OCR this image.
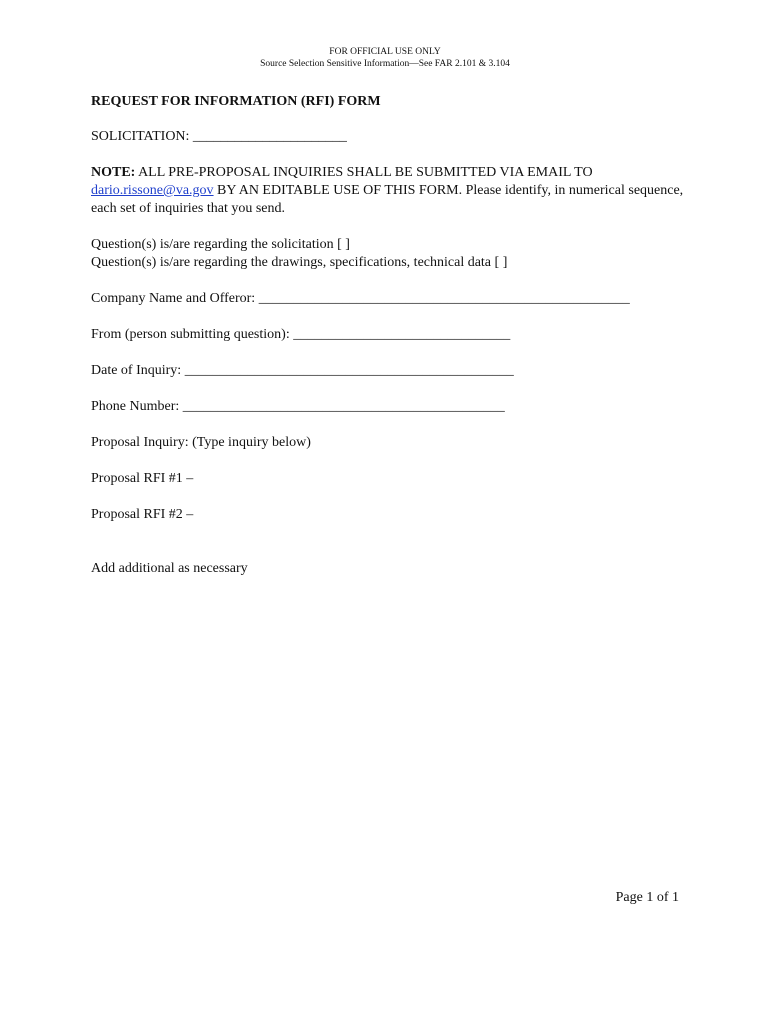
FOR OFFICIAL USE ONLY
Source Selection Sensitive Information—See FAR 2.101 & 3.104
REQUEST FOR INFORMATION (RFI) FORM
SOLICITATION: ______________________
NOTE: ALL PRE-PROPOSAL INQUIRIES SHALL BE SUBMITTED VIA EMAIL TO dario.rissone@va.gov BY AN EDITABLE USE OF THIS FORM. Please identify, in numerical sequence, each set of inquiries that you send.
Question(s) is/are regarding the solicitation [ ]
Question(s) is/are regarding the drawings, specifications, technical data [ ]
Company Name and Offeror: _____________________________________________________
From (person submitting question): _______________________________
Date of Inquiry: _______________________________________________
Phone Number: ______________________________________________
Proposal Inquiry: (Type inquiry below)
Proposal RFI #1 –
Proposal RFI #2 –
Add additional as necessary
Page 1 of 1
